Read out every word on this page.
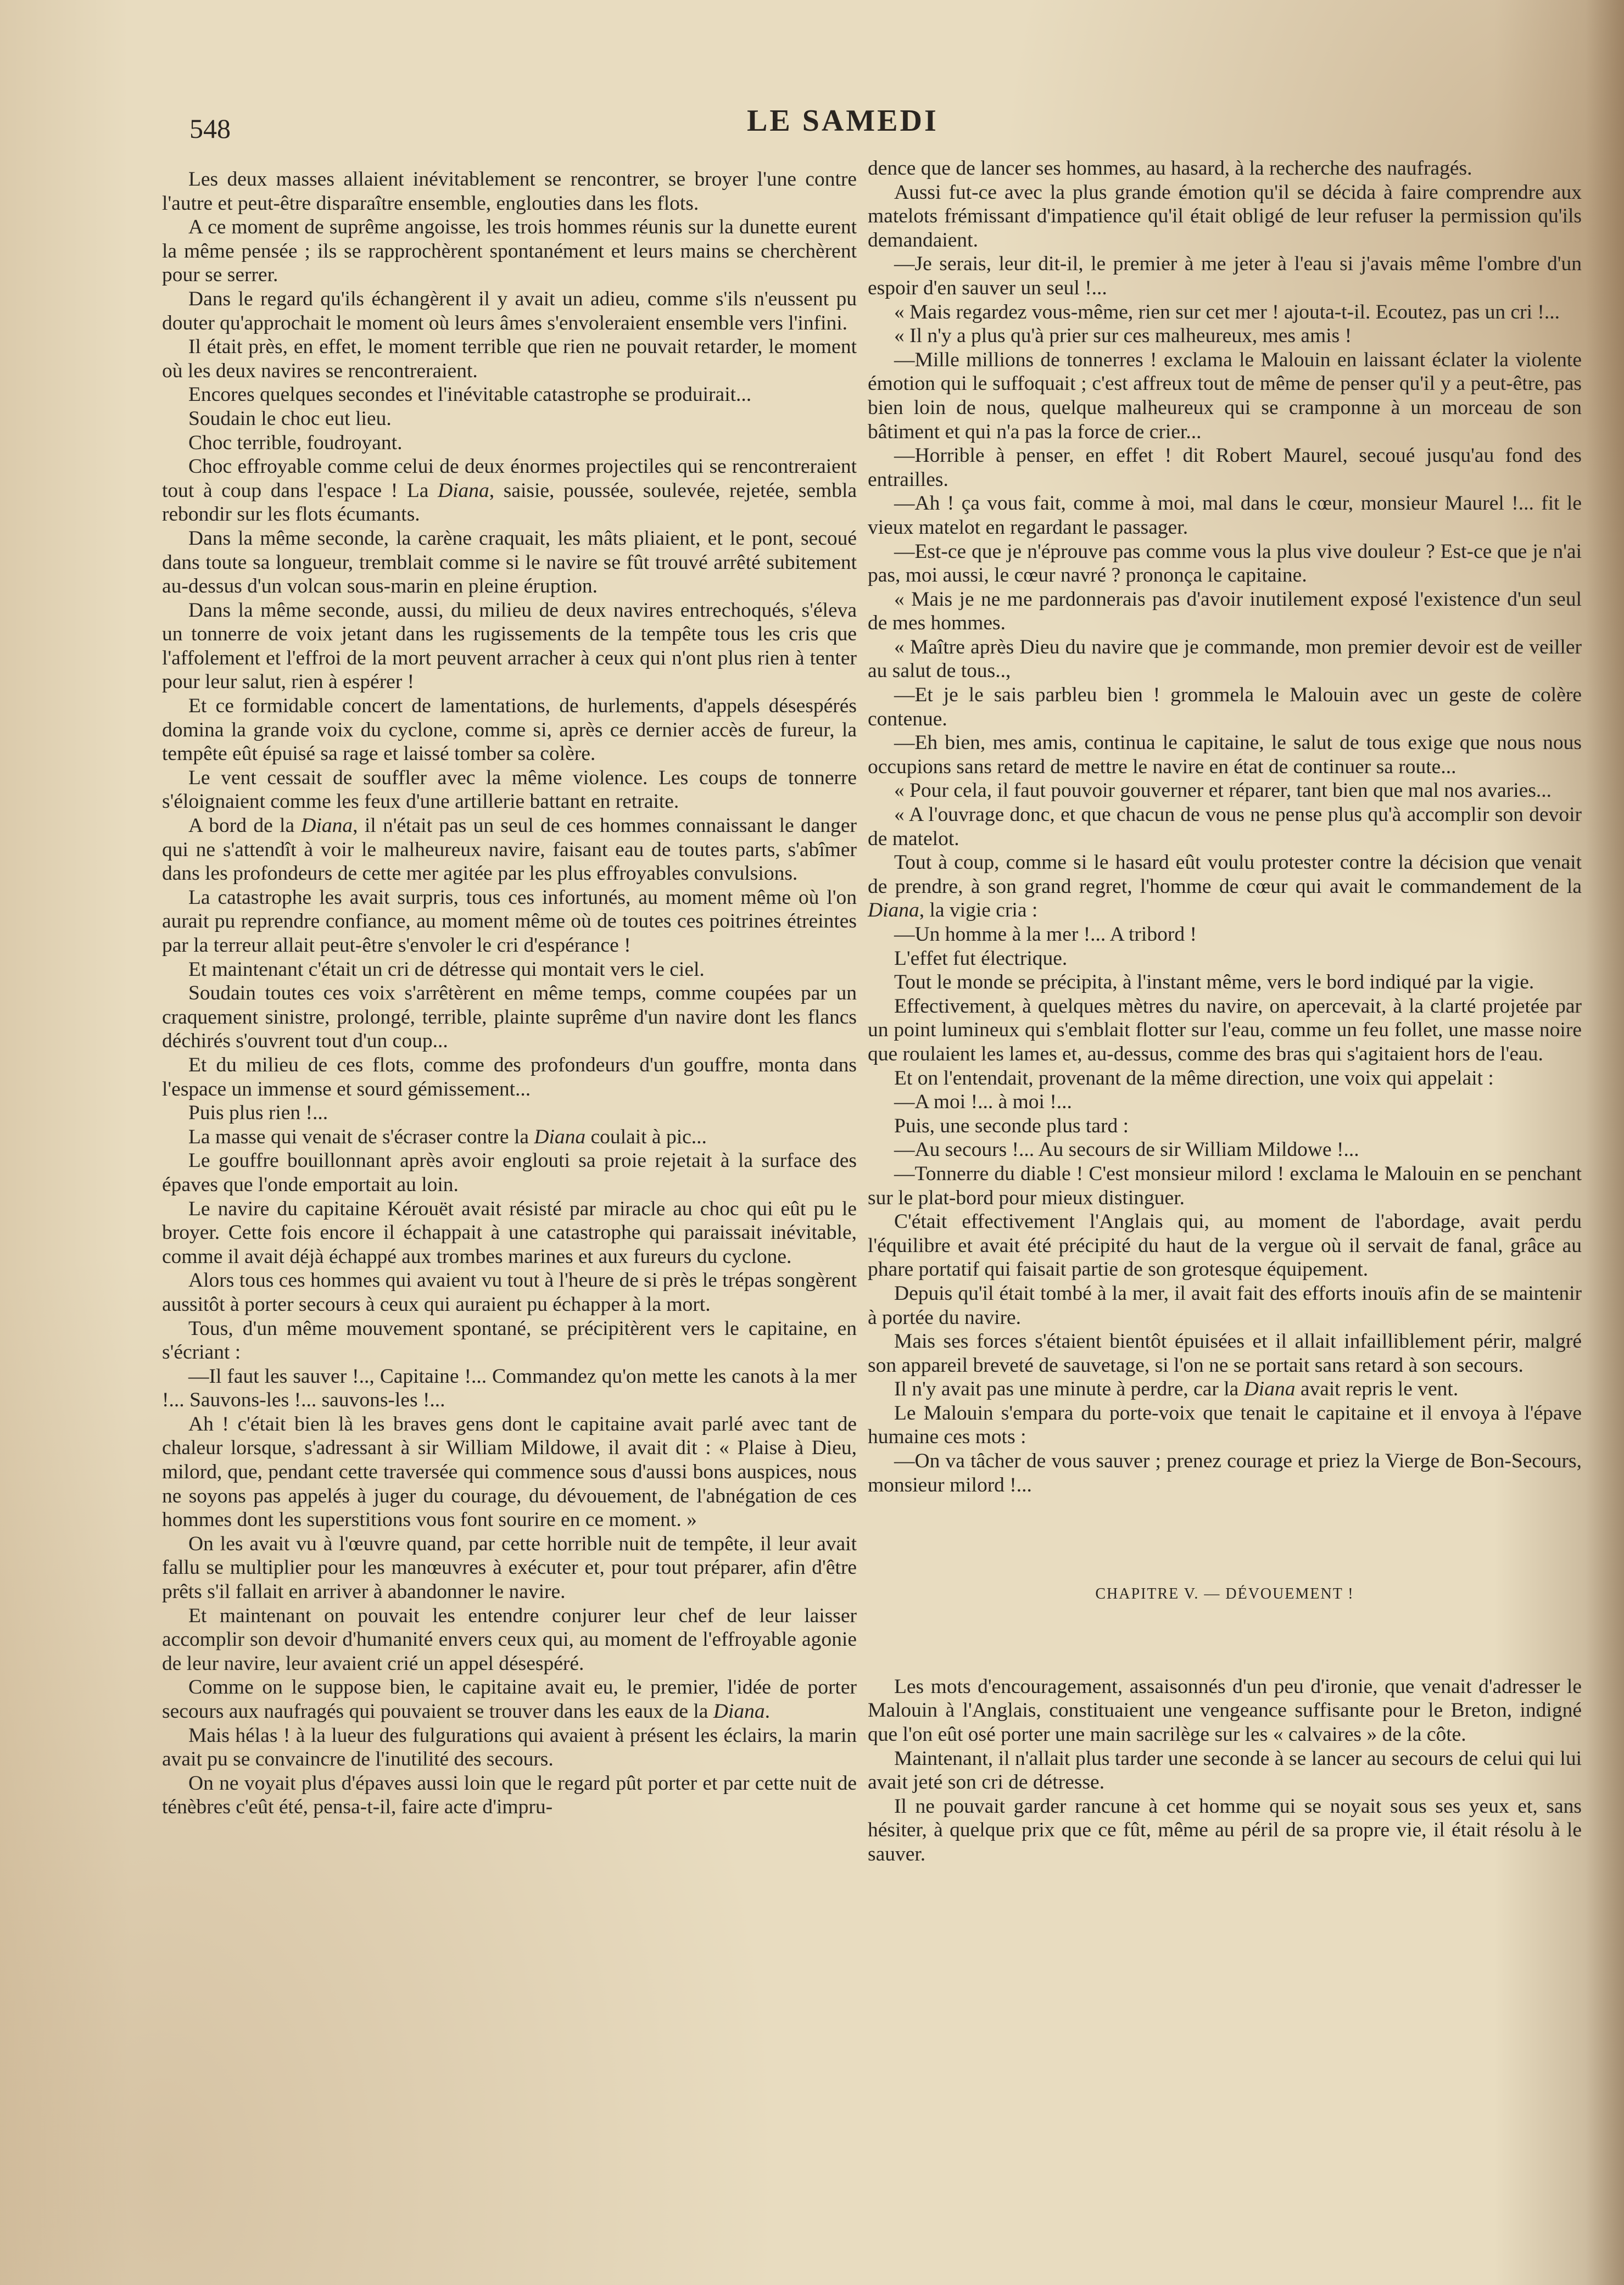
548	LE SAMEDI

Les deux masses allaient inévitablement se rencontrer, se broyer l'une contre l'autre et peut-être disparaître ensemble, englouties dans les flots.

A ce moment de suprême angoisse, les trois hommes réunis sur la dunette eurent la même pensée ; ils se rapprochèrent spontanément et leurs mains se cherchèrent pour se serrer.

Dans le regard qu'ils échangèrent il y avait un adieu, comme s'ils n'eussent pu douter qu'approchait le moment où leurs âmes s'envoleraient ensemble vers l'infini.

Il était près, en effet, le moment terrible que rien ne pouvait retarder, le moment où les deux navires se rencontreraient.

Encores quelques secondes et l'inévitable catastrophe se produirait...

Soudain le choc eut lieu.

Choc terrible, foudroyant.

Choc effroyable comme celui de deux énormes projectiles qui se rencontreraient tout à coup dans l'espace ! La Diana, saisie, poussée, soulevée, rejetée, sembla rebondir sur les flots écumants.

Dans la même seconde, la carène craquait, les mâts pliaient, et le pont, secoué dans toute sa longueur, tremblait comme si le navire se fût trouvé arrêté subitement au-dessus d'un volcan sous-marin en pleine éruption.

Dans la même seconde, aussi, du milieu de deux navires entrechoqués, s'éleva un tonnerre de voix jetant dans les rugissements de la tempête tous les cris que l'affolement et l'effroi de la mort peuvent arracher à ceux qui n'ont plus rien à tenter pour leur salut, rien à espérer !

Et ce formidable concert de lamentations, de hurlements, d'appels désespérés domina la grande voix du cyclone, comme si, après ce dernier accès de fureur, la tempête eût épuisé sa rage et laissé tomber sa colère.

Le vent cessait de souffler avec la même violence. Les coups de tonnerre s'éloignaient comme les feux d'une artillerie battant en retraite.

A bord de la Diana, il n'était pas un seul de ces hommes connaissant le danger qui ne s'attendît à voir le malheureux navire, faisant eau de toutes parts, s'abîmer dans les profondeurs de cette mer agitée par les plus effroyables convulsions.

La catastrophe les avait surpris, tous ces infortunés, au moment même où l'on aurait pu reprendre confiance, au moment même où de toutes ces poitrines étreintes par la terreur allait peut-être s'envoler le cri d'espérance !

Et maintenant c'était un cri de détresse qui montait vers le ciel.

Soudain toutes ces voix s'arrêtèrent en même temps, comme coupées par un craquement sinistre, prolongé, terrible, plainte suprême d'un navire dont les flancs déchirés s'ouvrent tout d'un coup...

Et du milieu de ces flots, comme des profondeurs d'un gouffre, monta dans l'espace un immense et sourd gémissement...

Puis plus rien !...

La masse qui venait de s'écraser contre la Diana coulait à pic...

Le gouffre bouillonnant après avoir englouti sa proie rejetait à la surface des épaves que l'onde emportait au loin.

Le navire du capitaine Kérouët avait résisté par miracle au choc qui eût pu le broyer. Cette fois encore il échappait à une catastrophe qui paraissait inévitable, comme il avait déjà échappé aux trombes marines et aux fureurs du cyclone.

Alors tous ces hommes qui avaient vu tout à l'heure de si près le trépas songèrent aussitôt à porter secours à ceux qui auraient pu échapper à la mort.

Tous, d'un même mouvement spontané, se précipitèrent vers le capitaine, en s'écriant :

—Il faut les sauver !.., Capitaine !... Commandez qu'on mette les canots à la mer !... Sauvons-les !... sauvons-les !...

Ah ! c'était bien là les braves gens dont le capitaine avait parlé avec tant de chaleur lorsque, s'adressant à sir William Mildowe, il avait dit : « Plaise à Dieu, milord, que, pendant cette traversée qui commence sous d'aussi bons auspices, nous ne soyons pas appelés à juger du courage, du dévouement, de l'abnégation de ces hommes dont les superstitions vous font sourire en ce moment. »

On les avait vu à l'œuvre quand, par cette horrible nuit de tempête, il leur avait fallu se multiplier pour les manœuvres à exécuter et, pour tout préparer, afin d'être prêts s'il fallait en arriver à abandonner le navire.

Et maintenant on pouvait les entendre conjurer leur chef de leur laisser accomplir son devoir d'humanité envers ceux qui, au moment de l'effroyable agonie de leur navire, leur avaient crié un appel désespéré.

Comme on le suppose bien, le capitaine avait eu, le premier, l'idée de porter secours aux naufragés qui pouvaient se trouver dans les eaux de la Diana.

Mais hélas ! à la lueur des fulgurations qui avaient à présent les éclairs, la marin avait pu se convaincre de l'inutilité des secours.

On ne voyait plus d'épaves aussi loin que le regard pût porter et par cette nuit de ténèbres c'eût été, pensa-t-il, faire acte d'impru-

dence que de lancer ses hommes, au hasard, à la recherche des naufragés.

Aussi fut-ce avec la plus grande émotion qu'il se décida à faire comprendre aux matelots frémissant d'impatience qu'il était obligé de leur refuser la permission qu'ils demandaient.

—Je serais, leur dit-il, le premier à me jeter à l'eau si j'avais même l'ombre d'un espoir d'en sauver un seul !...

« Mais regardez vous-même, rien sur cet mer ! ajouta-t-il. Ecoutez, pas un cri !...

« Il n'y a plus qu'à prier sur ces malheureux, mes amis !

—Mille millions de tonnerres ! exclama le Malouin en laissant éclater la violente émotion qui le suffoquait ; c'est affreux tout de même de penser qu'il y a peut-être, pas bien loin de nous, quelque malheureux qui se cramponne à un morceau de son bâtiment et qui n'a pas la force de crier...

—Horrible à penser, en effet ! dit Robert Maurel, secoué jusqu'au fond des entrailles.

—Ah ! ça vous fait, comme à moi, mal dans le cœur, monsieur Maurel !... fit le vieux matelot en regardant le passager.

—Est-ce que je n'éprouve pas comme vous la plus vive douleur ? Est-ce que je n'ai pas, moi aussi, le cœur navré ? prononça le capitaine.

« Mais je ne me pardonnerais pas d'avoir inutilement exposé l'existence d'un seul de mes hommes.

« Maître après Dieu du navire que je commande, mon premier devoir est de veiller au salut de tous..,

—Et je le sais parbleu bien ! grommela le Malouin avec un geste de colère contenue.

—Eh bien, mes amis, continua le capitaine, le salut de tous exige que nous nous occupions sans retard de mettre le navire en état de continuer sa route...

« Pour cela, il faut pouvoir gouverner et réparer, tant bien que mal nos avaries...

« A l'ouvrage donc, et que chacun de vous ne pense plus qu'à accomplir son devoir de matelot.

Tout à coup, comme si le hasard eût voulu protester contre la décision que venait de prendre, à son grand regret, l'homme de cœur qui avait le commandement de la Diana, la vigie cria :

—Un homme à la mer !... A tribord !

L'effet fut électrique.

Tout le monde se précipita, à l'instant même, vers le bord indiqué par la vigie.

Effectivement, à quelques mètres du navire, on apercevait, à la clarté projetée par un point lumineux qui s'emblait flotter sur l'eau, comme un feu follet, une masse noire que roulaient les lames et, au-dessus, comme des bras qui s'agitaient hors de l'eau.

Et on l'entendait, provenant de la même direction, une voix qui appelait :

—A moi !... à moi !...

Puis, une seconde plus tard :

—Au secours !... Au secours de sir William Mildowe !...

—Tonnerre du diable ! C'est monsieur milord ! exclama le Malouin en se penchant sur le plat-bord pour mieux distinguer.

C'était effectivement l'Anglais qui, au moment de l'abordage, avait perdu l'équilibre et avait été précipité du haut de la vergue où il servait de fanal, grâce au phare portatif qui faisait partie de son grotesque équipement.

Depuis qu'il était tombé à la mer, il avait fait des efforts inouïs afin de se maintenir à portée du navire.

Mais ses forces s'étaient bientôt épuisées et il allait infailliblement périr, malgré son appareil breveté de sauvetage, si l'on ne se portait sans retard à son secours.

Il n'y avait pas une minute à perdre, car la Diana avait repris le vent.

Le Malouin s'empara du porte-voix que tenait le capitaine et il envoya à l'épave humaine ces mots :

—On va tâcher de vous sauver ; prenez courage et priez la Vierge de Bon-Secours, monsieur milord !...

CHAPITRE V. — DÉVOUEMENT !

Les mots d'encouragement, assaisonnés d'un peu d'ironie, que venait d'adresser le Malouin à l'Anglais, constituaient une vengeance suffisante pour le Breton, indigné que l'on eût osé porter une main sacrilège sur les « calvaires » de la côte.

Maintenant, il n'allait plus tarder une seconde à se lancer au secours de celui qui lui avait jeté son cri de détresse.

Il ne pouvait garder rancune à cet homme qui se noyait sous ses yeux et, sans hésiter, à quelque prix que ce fût, même au péril de sa propre vie, il était résolu à le sauver.
